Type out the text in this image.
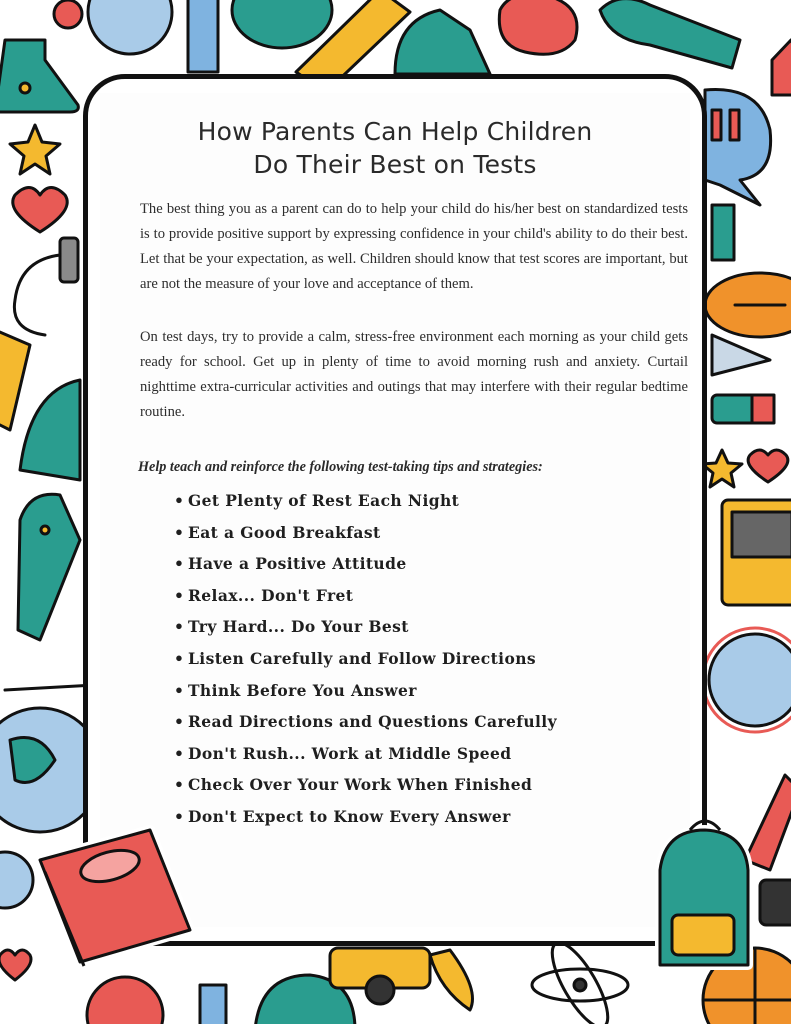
How Parents Can Help Children
Do Their Best on Tests
The best thing you as a parent can do to help your child do his/her best on standardized tests is to provide positive support by expressing confidence in your child's ability to do their best. Let that be your expectation, as well. Children should know that test scores are important, but are not the measure of your love and acceptance of them.
On test days, try to provide a calm, stress-free environment each morning as your child gets ready for school. Get up in plenty of time to avoid morning rush and anxiety. Curtail nighttime extra-curricular activities and outings that may interfere with their regular bedtime routine.
Help teach and reinforce the following test-taking tips and strategies:
• Get Plenty of Rest Each Night
• Eat a Good Breakfast
• Have a Positive Attitude
• Relax... Don't Fret
• Try Hard... Do Your Best
• Listen Carefully and Follow Directions
• Think Before You Answer
• Read Directions and Questions Carefully
• Don't Rush... Work at Middle Speed
• Check Over Your Work When Finished
• Don't Expect to Know Every Answer
